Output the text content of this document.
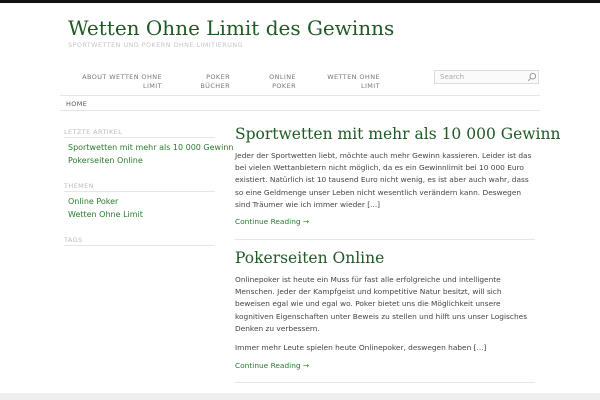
Wetten Ohne Limit des Gewinns
SPORTWETTEN UND POKERN OHNE LIMITIERUNG
ABOUT WETTEN OHNE
LIMIT
POKER
BÜCHER
ONLINE
POKER
WETTEN OHNE
LIMIT
Search
HOME
LETZTE ARTIKEL
Sportwetten mit mehr als 10 000 Gewinn
Pokerseiten Online
THEMEN
Online Poker
Wetten Ohne Limit
TAGS
Sportwetten mit mehr als 10 000 Gewinn

Jeder der Sportwetten liebt, möchte auch mehr Gewinn kassieren. Leider ist das bei vielen Wettanbietern nicht möglich, da es ein Gewinnlimit bei 10 000 Euro existiert. Natürlich ist 10 tausend Euro nicht wenig, es ist aber auch wahr, dass so eine Geldmenge unser Leben nicht wesentlich verändern kann. Deswegen sind Träumer wie ich immer wieder [...]

Continue Reading →
Pokerseiten Online

Onlinepoker ist heute ein Muss für fast alle erfolgreiche und intelligente Menschen. Jeder der Kampfgeist und kompetitive Natur besitzt, will sich beweisen egal wie und egal wo. Poker bietet uns die Möglichkeit unsere kognitiven Eigenschaften unter Beweis zu stellen und hilft uns unser Logisches Denken zu verbessern.

Immer mehr Leute spielen heute Onlinepoker, deswegen haben [...]

Continue Reading →
